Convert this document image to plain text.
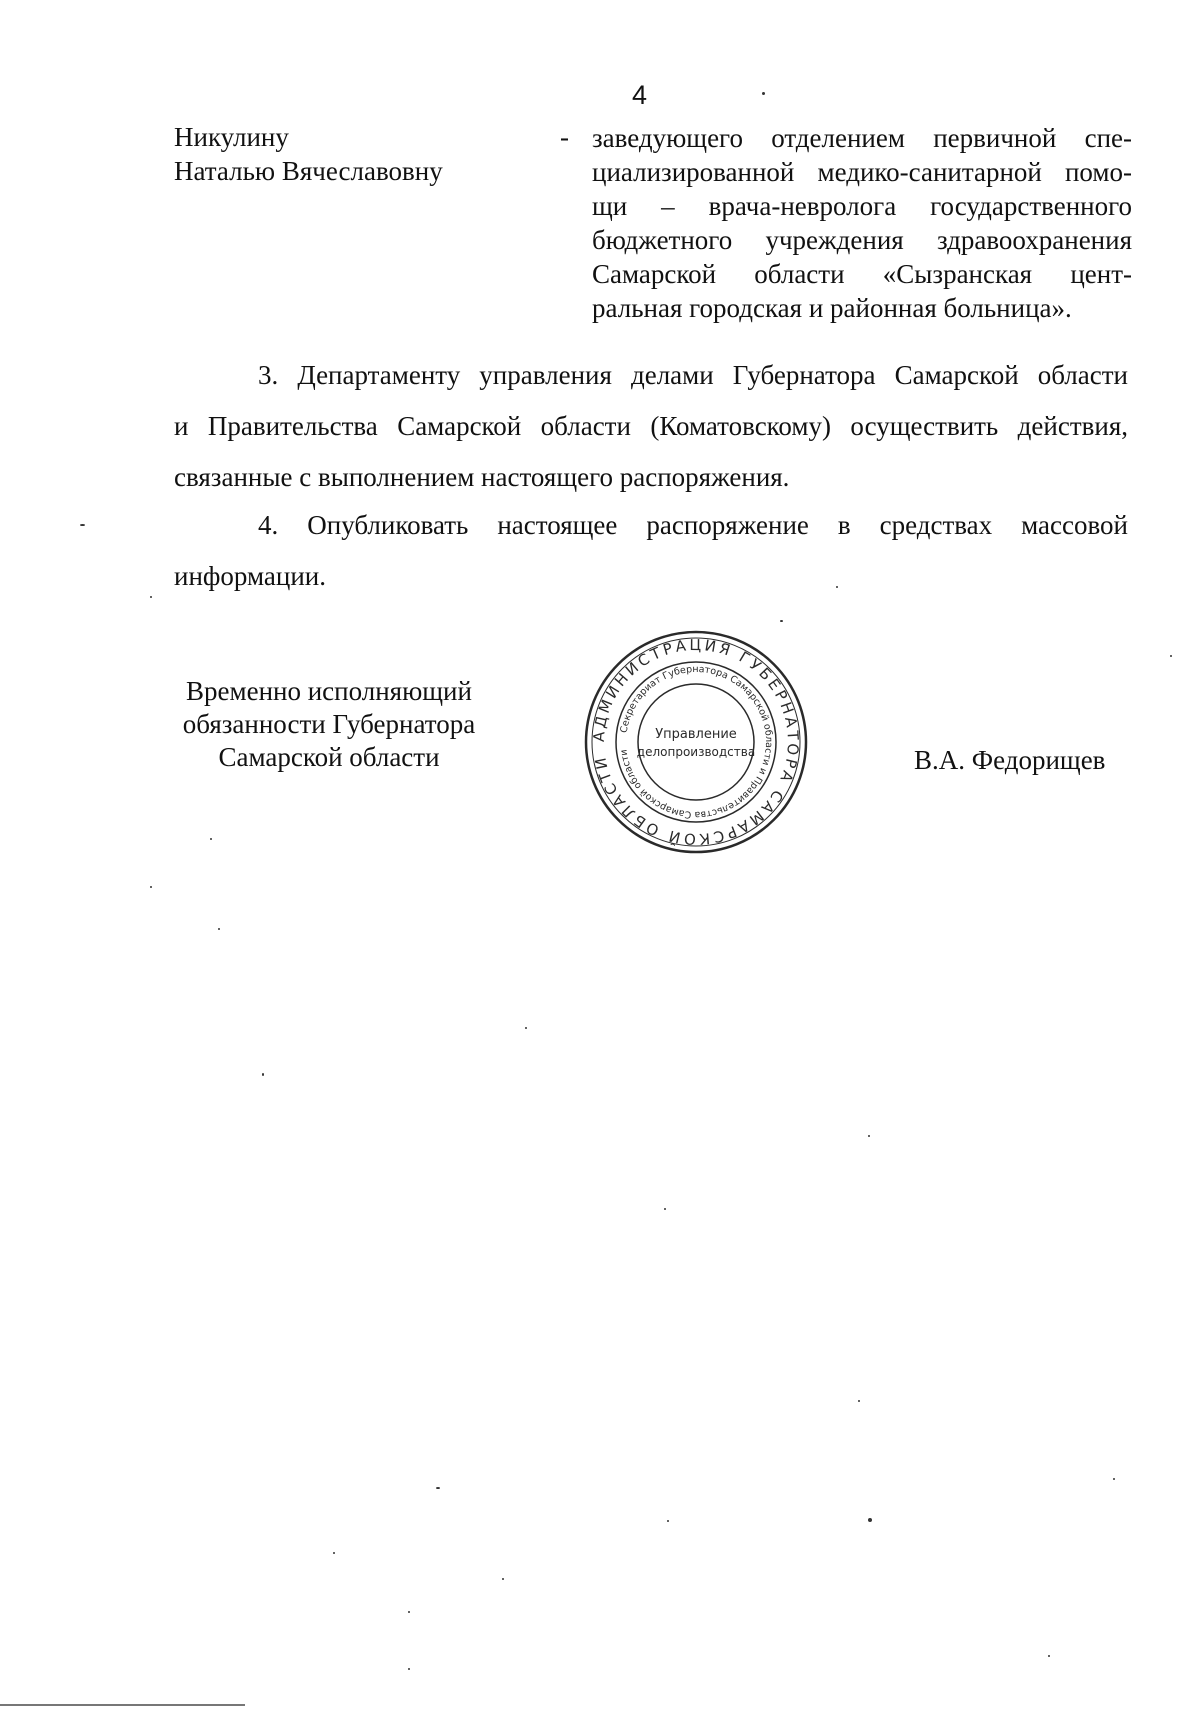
4
Никулину
Наталью Вячеславовну
- заведующего отделением первичной спе-
циализированной медико-санитарной помо-
щи – врача-невролога государственного
бюджетного учреждения здравоохранения
Самарской области «Сызранская цент-
ральная городская и районная больница».
3. Департаменту управления делами Губернатора Самарской области
и Правительства Самарской области (Коматовскому) осуществить действия,
связанные с выполнением настоящего распоряжения.
4. Опубликовать настоящее распоряжение в средствах массовой
информации.
Временно исполняющий
обязанности Губернатора
Самарской области
АДМИНИСТРАЦИЯ ГУБЕРНАТОРА САМАРСКОЙ ОБЛАСТИ
Секретариат Губернатора Самарской области и Правительства Самарской области
Управление
делопроизводства	В.А. Федорищев
